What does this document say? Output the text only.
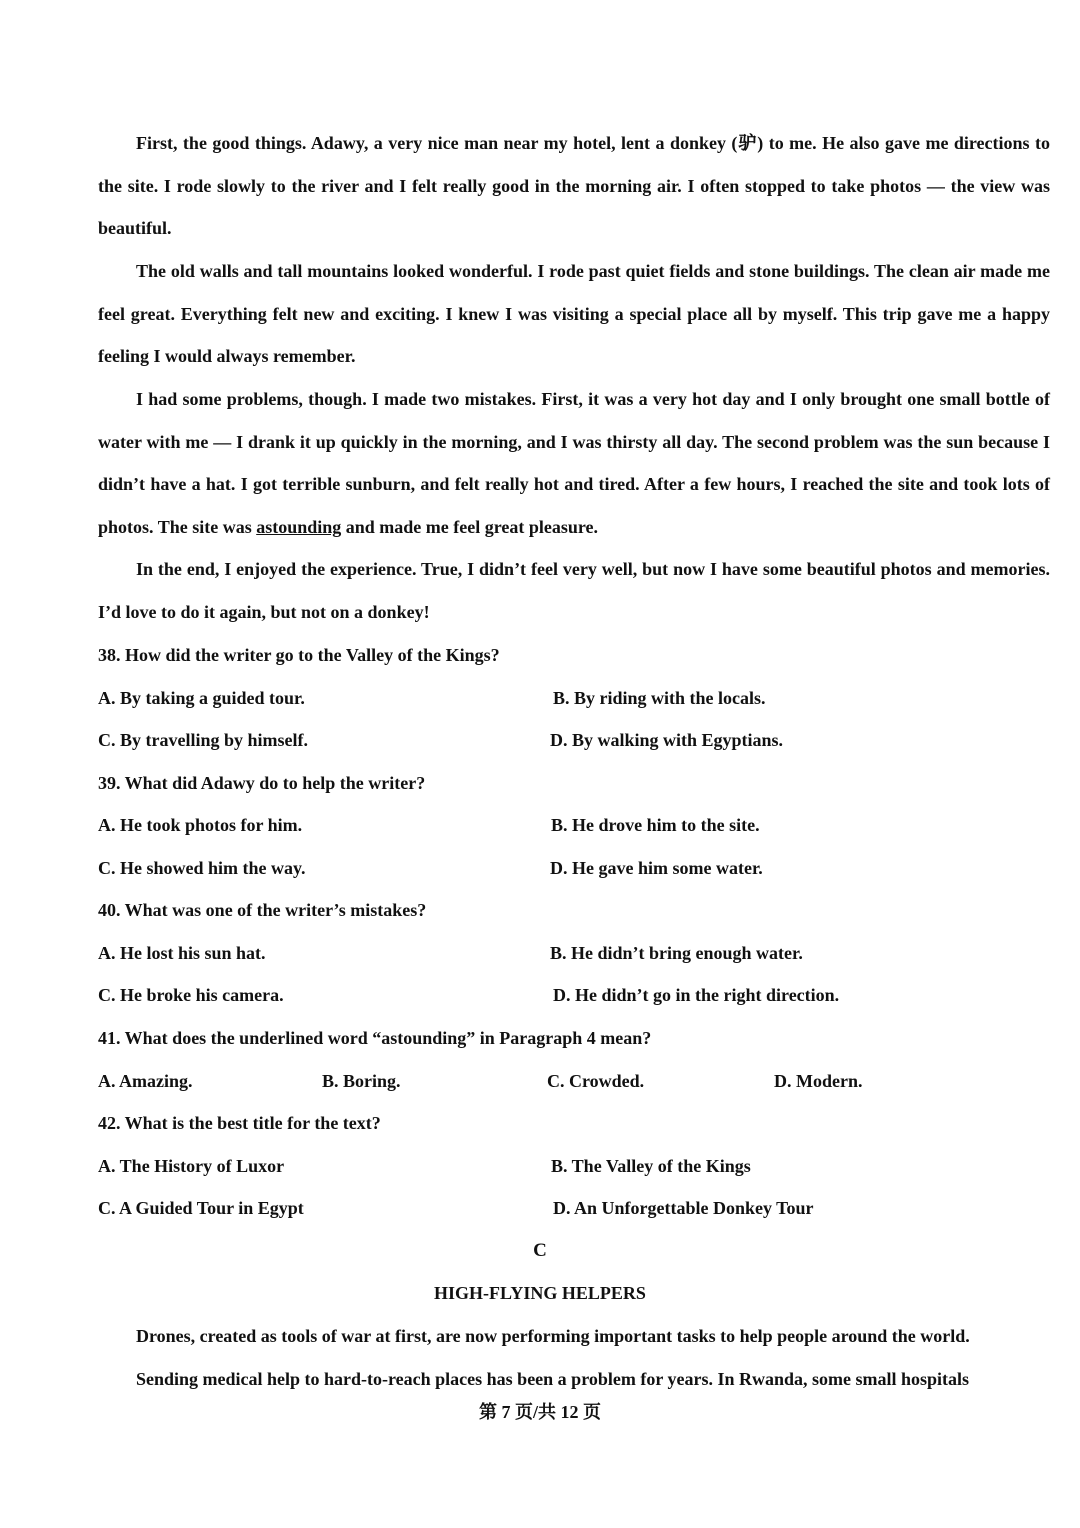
First, the good things. Adawy, a very nice man near my hotel, lent a donkey (驴) to me. He also gave me directions to the site. I rode slowly to the river and I felt really good in the morning air. I often stopped to take photos — the view was beautiful.

The old walls and tall mountains looked wonderful. I rode past quiet fields and stone buildings. The clean air made me feel great. Everything felt new and exciting. I knew I was visiting a special place all by myself. This trip gave me a happy feeling I would always remember.

I had some problems, though. I made two mistakes. First, it was a very hot day and I only brought one small bottle of water with me — I drank it up quickly in the morning, and I was thirsty all day. The second problem was the sun because I didn’t have a hat. I got terrible sunburn, and felt really hot and tired. After a few hours, I reached the site and took lots of photos. The site was astounding and made me feel great pleasure.

In the end, I enjoyed the experience. True, I didn’t feel very well, but now I have some beautiful photos and memories. I’d love to do it again, but not on a donkey!

38. How did the writer go to the Valley of the Kings?

A. By taking a guided tour.	B. By riding with the locals.

C. By travelling by himself.	D. By walking with Egyptians.

39. What did Adawy do to help the writer?

A. He took photos for him.	B. He drove him to the site.

C. He showed him the way.	D. He gave him some water.

40. What was one of the writer’s mistakes?

A. He lost his sun hat.	B. He didn’t bring enough water.

C. He broke his camera.	D. He didn’t go in the right direction.

41. What does the underlined word “astounding” in Paragraph 4 mean?

A. Amazing.	B. Boring.	C. Crowded.	D. Modern.

42. What is the best title for the text?

A. The History of Luxor	B. The Valley of the Kings

C. A Guided Tour in Egypt	D. An Unforgettable Donkey Tour

C

HIGH-FLYING HELPERS

Drones, created as tools of war at first, are now performing important tasks to help people around the world.

Sending medical help to hard-to-reach places has been a problem for years. In Rwanda, some small hospitals

第 7 页/共 12 页
